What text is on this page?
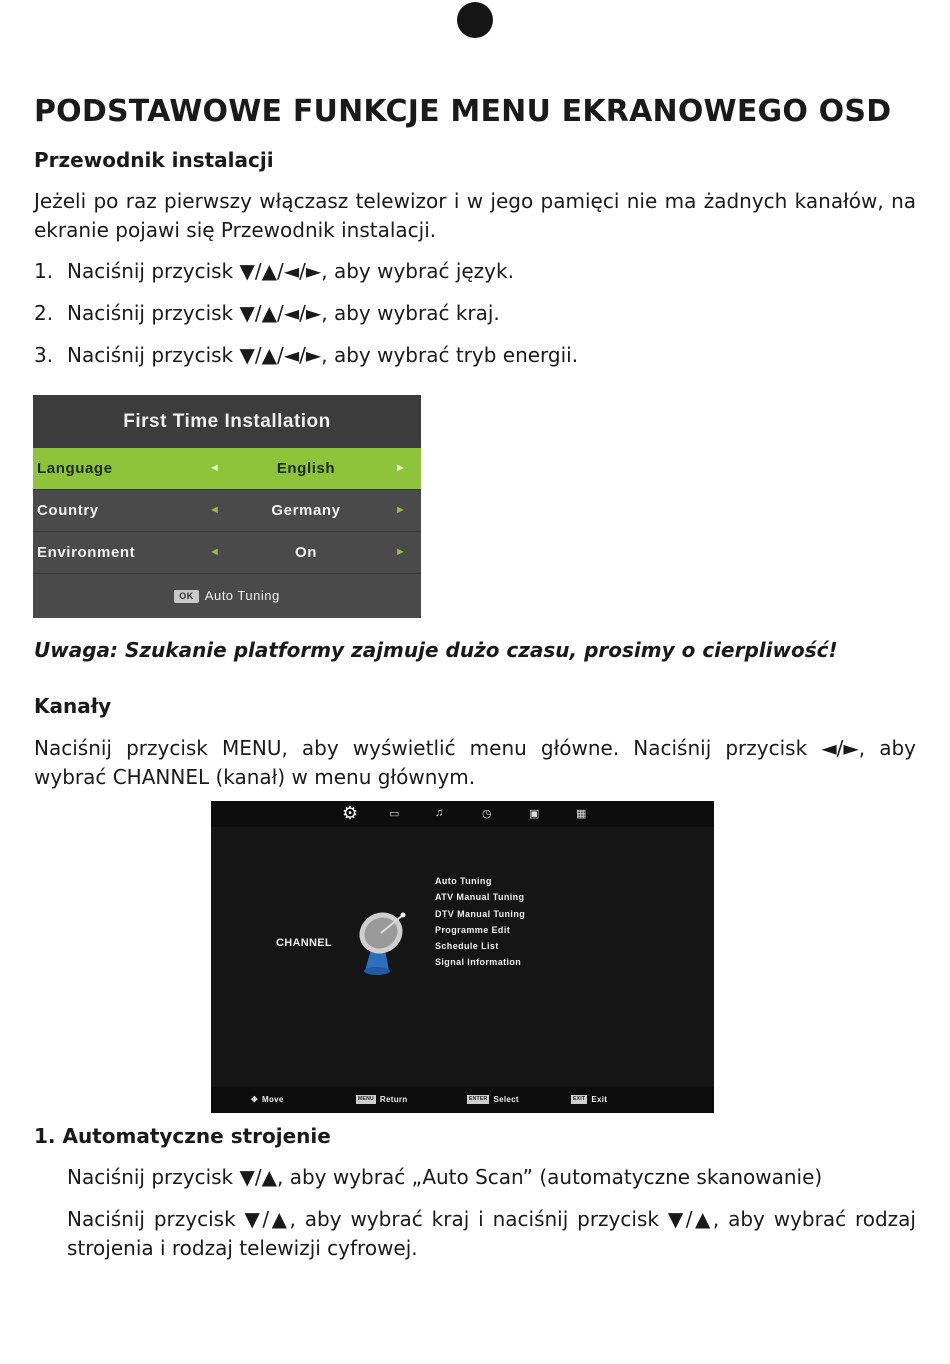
PODSTAWOWE FUNKCJE MENU EKRANOWEGO OSD
Przewodnik instalacji
Jeżeli po raz pierwszy włączasz telewizor i w jego pamięci nie ma żadnych kanałów, na ekranie pojawi się Przewodnik instalacji.
1. Naciśnij przycisk ▼/▲/◄/►, aby wybrać język.
2. Naciśnij przycisk ▼/▲/◄/►, aby wybrać kraj.
3. Naciśnij przycisk ▼/▲/◄/►, aby wybrać tryb energii.
First Time Installation
Language	◄	English	►
Country	◄	Germany	►
Environment	◄	On	►
OK Auto Tuning
Uwaga: Szukanie platformy zajmuje dużo czasu, prosimy o cierpliwość!
Kanały
Naciśnij przycisk MENU, aby wyświetlić menu główne. Naciśnij przycisk ◄/►, aby wybrać CHANNEL (kanał) w menu głównym.
⚙	▭	♫	◷	▣	▦
CHANNEL
Auto Tuning
ATV Manual Tuning
DTV Manual Tuning
Programme Edit
Schedule List
Signal Information
✥ Move	MENU Return	ENTER Select	EXIT Exit
1. Automatyczne strojenie
Naciśnij przycisk ▼/▲, aby wybrać „Auto Scan” (automatyczne skanowanie)
Naciśnij przycisk ▼/▲, aby wybrać kraj i naciśnij przycisk ▼/▲, aby wybrać rodzaj strojenia i rodzaj telewizji cyfrowej.
